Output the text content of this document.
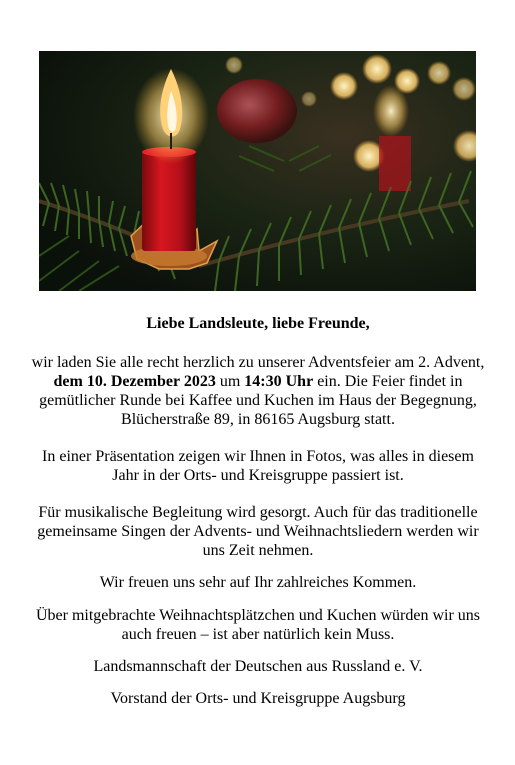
Liebe Landsleute, liebe Freunde,

wir laden Sie alle recht herzlich zu unserer Adventsfeier am 2. Advent, dem 10. Dezember 2023 um 14:30 Uhr ein. Die Feier findet in gemütlicher Runde bei Kaffee und Kuchen im Haus der Begegnung, Blücherstraße 89, in 86165 Augsburg statt.

In einer Präsentation zeigen wir Ihnen in Fotos, was alles in diesem Jahr in der Orts- und Kreisgruppe passiert ist.

Für musikalische Begleitung wird gesorgt. Auch für das traditionelle gemeinsame Singen der Advents- und Weihnachtsliedern werden wir uns Zeit nehmen.

Wir freuen uns sehr auf Ihr zahlreiches Kommen.

Über mitgebrachte Weihnachtsplätzchen und Kuchen würden wir uns auch freuen – ist aber natürlich kein Muss.

Landsmannschaft der Deutschen aus Russland e. V.

Vorstand der Orts- und Kreisgruppe Augsburg
